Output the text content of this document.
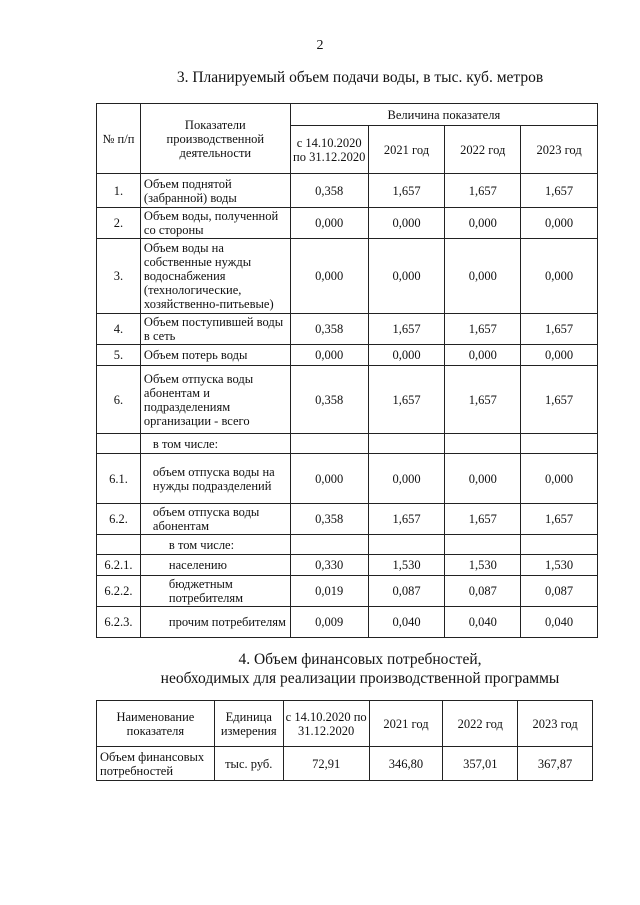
2
3. Планируемый объем подачи воды, в тыс. куб. метров
№ п/п	Показатели производственной деятельности	Величина показателя			
		с 14.10.2020 по 31.12.2020	2021 год	2022 год	2023 год
1.	Объем поднятой (забранной) воды	0,358	1,657	1,657	1,657
2.	Объем воды, полученной со стороны	0,000	0,000	0,000	0,000
3.	Объем воды на собственные нужды водоснабжения (технологические, хозяйственно-питьевые)	0,000	0,000	0,000	0,000
4.	Объем поступившей воды в сеть	0,358	1,657	1,657	1,657
5.	Объем потерь воды	0,000	0,000	0,000	0,000
6.	Объем отпуска воды абонентам и подразделениям организации - всего	0,358	1,657	1,657	1,657
	в том числе:				
6.1.	объем отпуска воды на нужды подразделений	0,000	0,000	0,000	0,000
6.2.	объем отпуска воды абонентам	0,358	1,657	1,657	1,657
	в том числе:				
6.2.1.	населению	0,330	1,530	1,530	1,530
6.2.2.	бюджетным потребителям	0,019	0,087	0,087	0,087
6.2.3.	прочим потребителям	0,009	0,040	0,040	0,040
4. Объем финансовых потребностей,
необходимых для реализации производственной программы
Наименование показателя	Единица измерения	с 14.10.2020 по 31.12.2020	2021 год	2022 год	2023 год
Объем финансовых потребностей	тыс. руб.	72,91	346,80	357,01	367,87
